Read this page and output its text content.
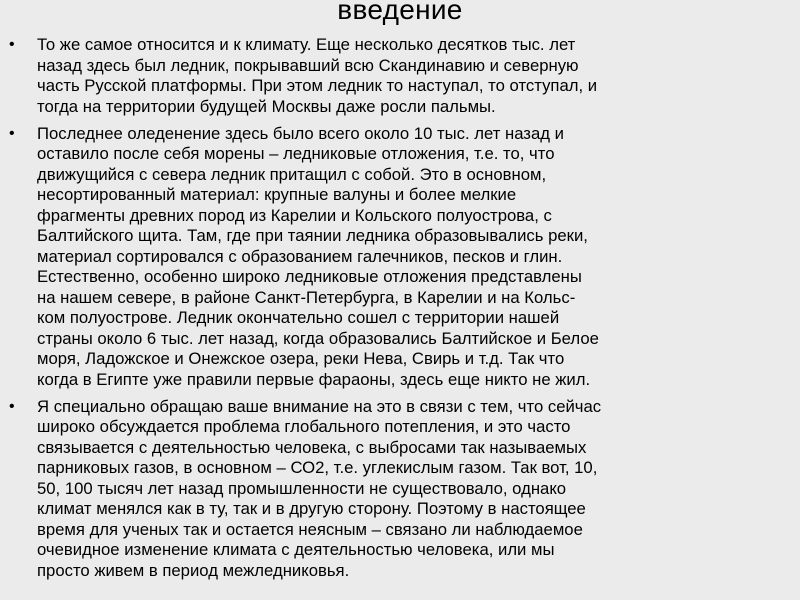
введение
• То же самое относится и к климату. Еще несколько десятков тыс. лет
назад здесь был ледник, покрывавший всю Скандинавию и северную
часть Русской платформы. При этом ледник то наступал, то отступал, и
тогда на территории будущей Москвы даже росли пальмы.
• Последнее оледенение здесь было всего около 10 тыс. лет назад и
оставило после себя морены – ледниковые отложения, т.е. то, что
движущийся с севера ледник притащил с собой. Это в основном,
несортированный материал: крупные валуны и более мелкие
фрагменты древних пород из Карелии и Кольского полуострова, с
Балтийского щита. Там, где при таянии ледника образовывались реки,
материал сортировался с образованием галечников, песков и глин.
Естественно, особенно широко ледниковые отложения представлены
на нашем севере, в районе Санкт-Петербурга, в Карелии и на Кольс-
ком полуострове. Ледник окончательно сошел с территории нашей
страны около 6 тыс. лет назад, когда образовались Балтийское и Белое
моря, Ладожское и Онежское озера, реки Нева, Свирь и т.д. Так что
когда в Египте уже правили первые фараоны, здесь еще никто не жил.
• Я специально обращаю ваше внимание на это в связи с тем, что сейчас
широко обсуждается проблема глобального потепления, и это часто
связывается с деятельностью человека, с выбросами так называемых
парниковых газов, в основном – СО2, т.е. углекислым газом. Так вот, 10,
50, 100 тысяч лет назад промышленности не существовало, однако
климат менялся как в ту, так и в другую сторону. Поэтому в настоящее
время для ученых так и остается неясным – связано ли наблюдаемое
очевидное изменение климата с деятельностью человека, или мы
просто живем в период межледниковья.
